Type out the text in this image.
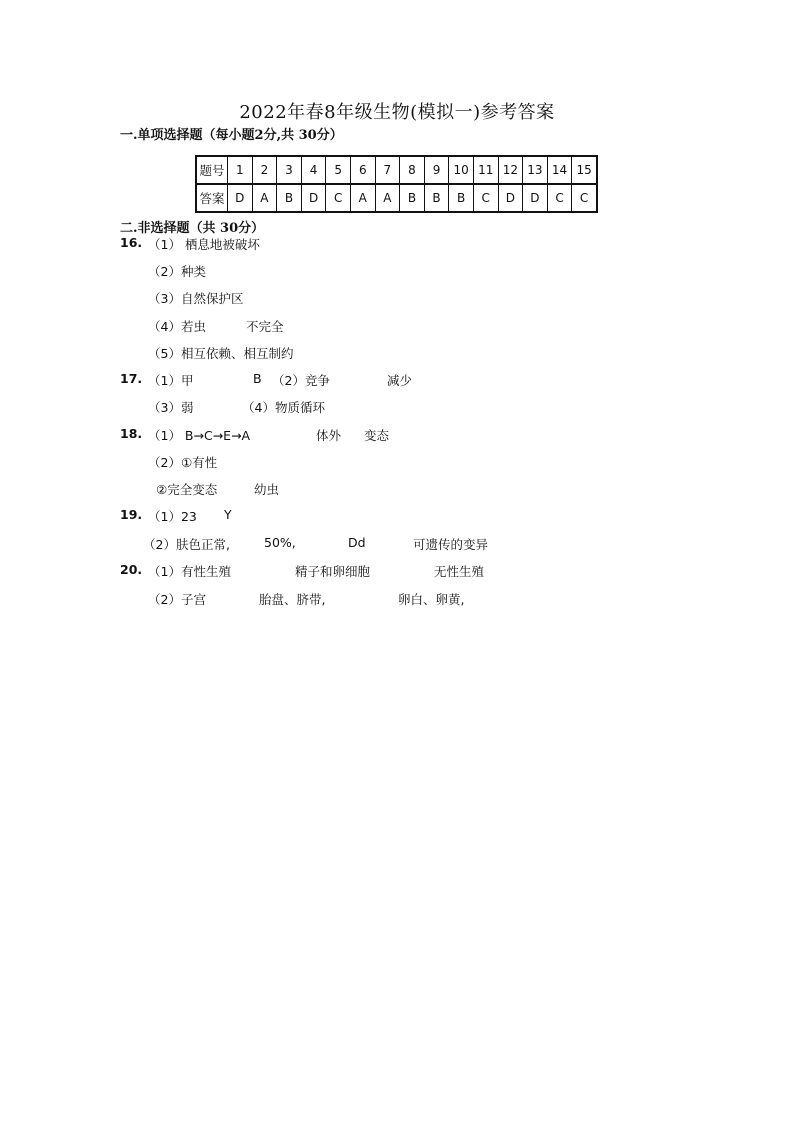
2022年春8年级生物(模拟一)参考答案
一.单项选择题（每小题2分,共 30分）
题号	1	2	3	4	5	6	7	8	9	10	11	12	13	14	15
答案	D	A	B	D	C	A	A	B	B	B	C	D	D	C	C
二.非选择题（共 30分）
16. （1） 栖息地被破坏
（2）种类
（3）自然保护区
（4）若虫	不完全
（5）相互依赖、相互制约
17. （1）甲	B （2）竞争	减少
（3）弱	（4）物质循环
18. （1） B→C→E→A	体外 变态
（2）①有性
②完全变态	幼虫
19. （1）23 Y
（2）肤色正常,	50%,	Dd	可遗传的变异
20. （1）有性生殖	精子和卵细胞	无性生殖
（2）子宫	胎盘、脐带,	卵白、卵黄,
